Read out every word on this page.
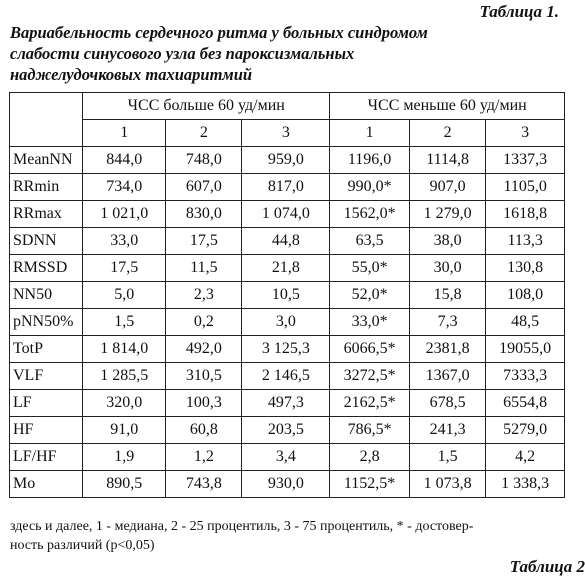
Таблица 1.
Вариабельность сердечного ритма у больных синдромом
слабости синусового узла без пароксизмальных
наджелудочковых тахиаритмий
	ЧСС больше 60 уд/мин			ЧСС меньше 60 уд/мин		
	1	2	3	1	2	3
MeanNN	844,0	748,0	959,0	1196,0	1114,8	1337,3
RRmin	734,0	607,0	817,0	990,0*	907,0	1105,0
RRmax	1 021,0	830,0	1 074,0	1562,0*	1 279,0	1618,8
SDNN	33,0	17,5	44,8	63,5	38,0	113,3
RMSSD	17,5	11,5	21,8	55,0*	30,0	130,8
NN50	5,0	2,3	10,5	52,0*	15,8	108,0
pNN50%	1,5	0,2	3,0	33,0*	7,3	48,5
TotP	1 814,0	492,0	3 125,3	6066,5*	2381,8	19055,0
VLF	1 285,5	310,5	2 146,5	3272,5*	1367,0	7333,3
LF	320,0	100,3	497,3	2162,5*	678,5	6554,8
HF	91,0	60,8	203,5	786,5*	241,3	5279,0
LF/HF	1,9	1,2	3,4	2,8	1,5	4,2
Mo	890,5	743,8	930,0	1152,5*	1 073,8	1 338,3
здесь и далее, 1 - медиана, 2 - 25 процентиль, 3 - 75 процентиль, * - достовер-
ность различий (p<0,05)
Таблица 2
